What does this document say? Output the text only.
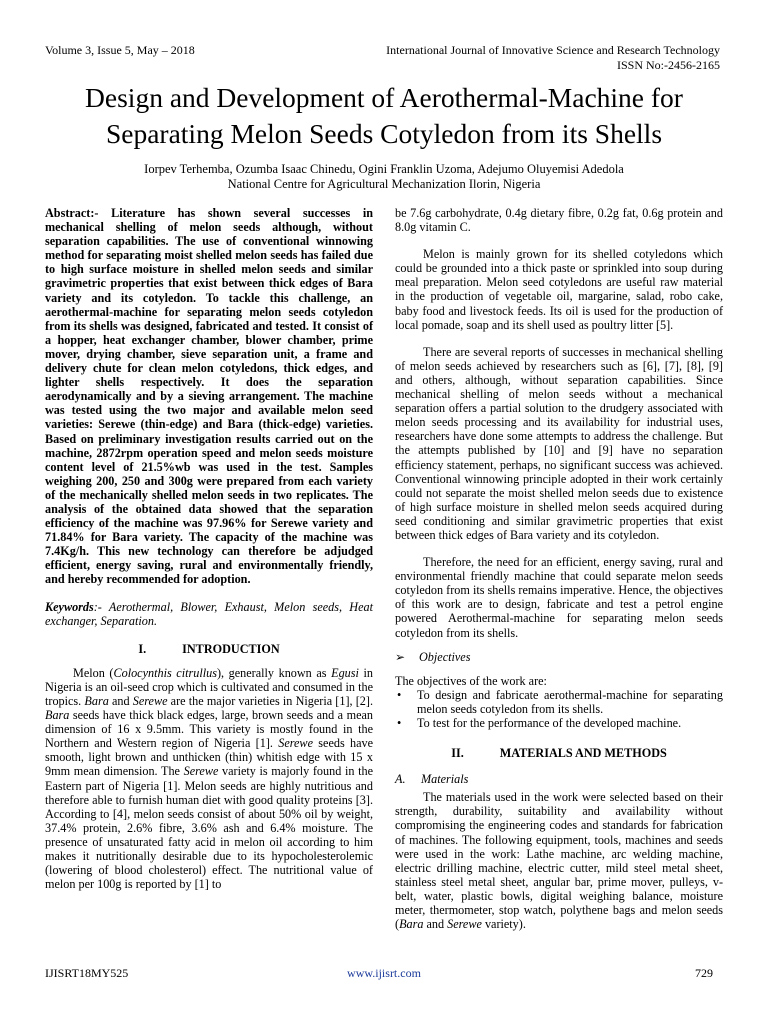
Volume 3, Issue 5, May – 2018	International Journal of Innovative Science and Research Technology
ISSN No:-2456-2165
Design and Development of Aerothermal-Machine for
Separating Melon Seeds Cotyledon from its Shells
Iorpev Terhemba, Ozumba Isaac Chinedu, Ogini Franklin Uzoma, Adejumo Oluyemisi Adedola
National Centre for Agricultural Mechanization Ilorin, Nigeria

Abstract:- Literature has shown several successes in mechanical shelling of melon seeds although, without separation capabilities. The use of conventional winnowing method for separating moist shelled melon seeds has failed due to high surface moisture in shelled melon seeds and similar gravimetric properties that exist between thick edges of Bara variety and its cotyledon. To tackle this challenge, an aerothermal-machine for separating melon seeds cotyledon from its shells was designed, fabricated and tested. It consist of a hopper, heat exchanger chamber, blower chamber, prime mover, drying chamber, sieve separation unit, a frame and delivery chute for clean melon cotyledons, thick edges, and lighter shells respectively. It does the separation aerodynamically and by a sieving arrangement. The machine was tested using the two major and available melon seed varieties: Serewe (thin-edge) and Bara (thick-edge) varieties. Based on preliminary investigation results carried out on the machine, 2872rpm operation speed and melon seeds moisture content level of 21.5%wb was used in the test. Samples weighing 200, 250 and 300g were prepared from each variety of the mechanically shelled melon seeds in two replicates. The analysis of the obtained data showed that the separation efficiency of the machine was 97.96% for Serewe variety and 71.84% for Bara variety. The capacity of the machine was 7.4Kg/h. This new technology can therefore be adjudged efficient, energy saving, rural and environmentally friendly, and hereby recommended for adoption.

Keywords:- Aerothermal, Blower, Exhaust, Melon seeds, Heat exchanger, Separation.

I.	INTRODUCTION

Melon (Colocynthis citrullus), generally known as Egusi in Nigeria is an oil-seed crop which is cultivated and consumed in the tropics. Bara and Serewe are the major varieties in Nigeria [1], [2]. Bara seeds have thick black edges, large, brown seeds and a mean dimension of 16 x 9.5mm. This variety is mostly found in the Northern and Western region of Nigeria [1]. Serewe seeds have smooth, light brown and unthicken (thin) whitish edge with 15 x 9mm mean dimension. The Serewe variety is majorly found in the Eastern part of Nigeria [1]. Melon seeds are highly nutritious and therefore able to furnish human diet with good quality proteins [3]. According to [4], melon seeds consist of about 50% oil by weight, 37.4% protein, 2.6% fibre, 3.6% ash and 6.4% moisture. The presence of unsaturated fatty acid in melon oil according to him makes it nutritionally desirable due to its hypocholesterolemic (lowering of blood cholesterol) effect. The nutritional value of melon per 100g is reported by [1] to

be 7.6g carbohydrate, 0.4g dietary fibre, 0.2g fat, 0.6g protein and 8.0g vitamin C.

Melon is mainly grown for its shelled cotyledons which could be grounded into a thick paste or sprinkled into soup during meal preparation. Melon seed cotyledons are useful raw material in the production of vegetable oil, margarine, salad, robo cake, baby food and livestock feeds. Its oil is used for the production of local pomade, soap and its shell used as poultry litter [5].

There are several reports of successes in mechanical shelling of melon seeds achieved by researchers such as [6], [7], [8], [9] and others, although, without separation capabilities. Since mechanical shelling of melon seeds without a mechanical separation offers a partial solution to the drudgery associated with melon seeds processing and its availability for industrial uses, researchers have done some attempts to address the challenge. But the attempts published by [10] and [9] have no separation efficiency statement, perhaps, no significant success was achieved. Conventional winnowing principle adopted in their work certainly could not separate the moist shelled melon seeds due to existence of high surface moisture in shelled melon seeds acquired during seed conditioning and similar gravimetric properties that exist between thick edges of Bara variety and its cotyledon.

Therefore, the need for an efficient, energy saving, rural and environmental friendly machine that could separate melon seeds cotyledon from its shells remains imperative. Hence, the objectives of this work are to design, fabricate and test a petrol engine powered Aerothermal-machine for separating melon seeds cotyledon from its shells.

➢ Objectives

The objectives of the work are:

• To design and fabricate aerothermal-machine for separating melon seeds cotyledon from its shells.

• To test for the performance of the developed machine.

II.	MATERIALS AND METHODS

A. Materials

The materials used in the work were selected based on their strength, durability, suitability and availability without compromising the engineering codes and standards for fabrication of machines. The following equipment, tools, machines and seeds were used in the work: Lathe machine, arc welding machine, electric drilling machine, electric cutter, mild steel metal sheet, stainless steel metal sheet, angular bar, prime mover, pulleys, v-belt, water, plastic bowls, digital weighing balance, moisture meter, thermometer, stop watch, polythene bags and melon seeds (Bara and Serewe variety).

IJISRT18MY525	www.ijisrt.com	729
